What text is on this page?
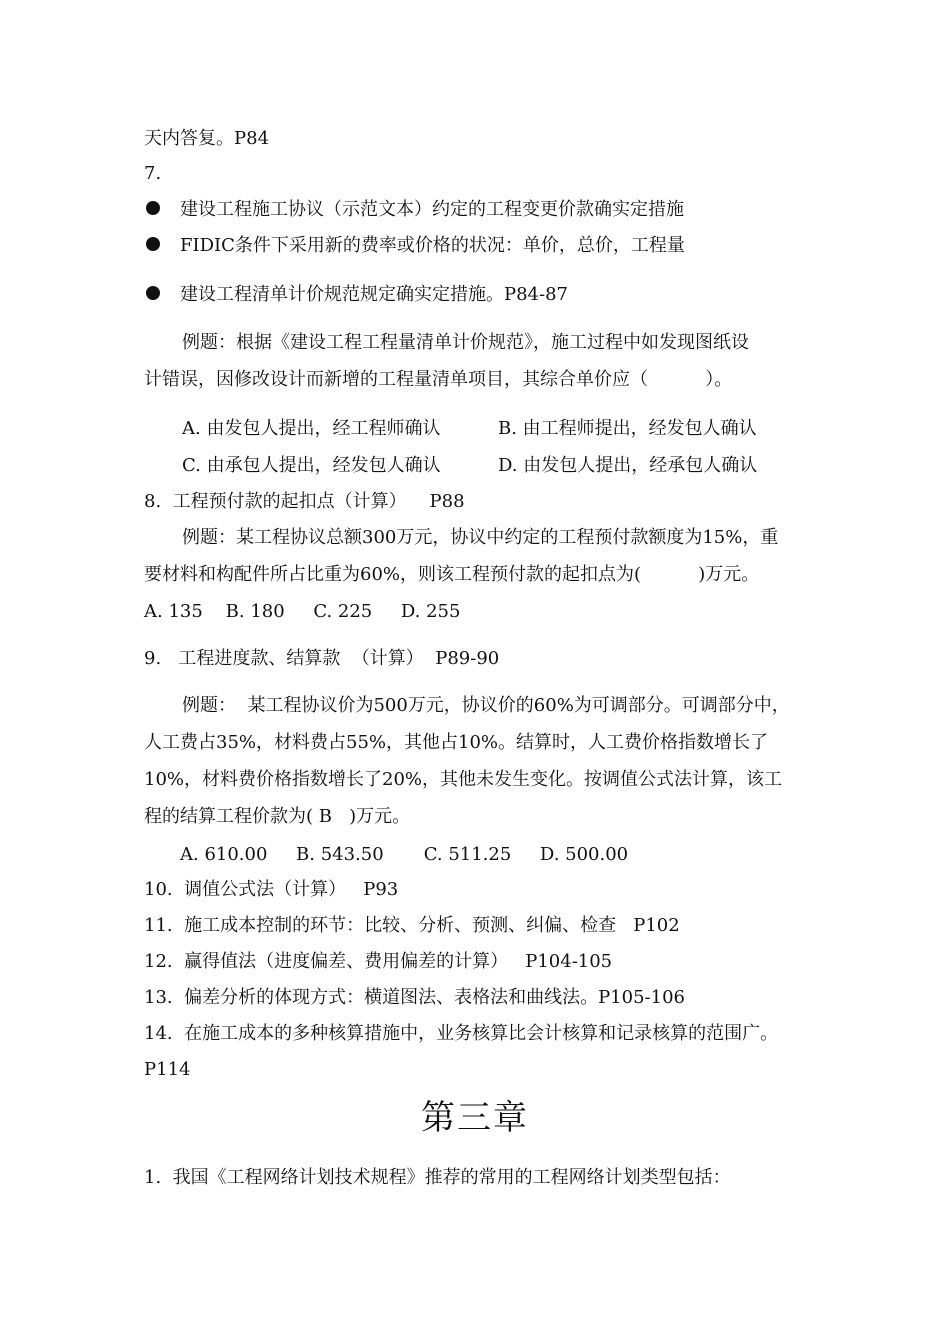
天内答复。P84
7.
建设工程施工协议（示范文本）约定的工程变更价款确实定措施
FIDIC条件下采用新的费率或价格的状况：单价，总价，工程量
建设工程清单计价规范规定确实定措施。P84-87
例题：根据《建设工程工程量清单计价规范》，施工过程中如发现图纸设
计错误，因修改设计而新增的工程量清单项目，其综合单价应（          ）。
A. 由发包人提出，经工程师确认	B. 由工程师提出，经发包人确认
C. 由承包人提出，经发包人确认	D. 由发包人提出，经承包人确认
8.  工程预付款的起扣点（计算）    P88
例题：某工程协议总额300万元，协议中约定的工程预付款额度为15%，重
要材料和构配件所占比重为60%，则该工程预付款的起扣点为(          )万元。
A. 135    B. 180     C. 225     D. 255
9.   工程进度款、结算款  （计算）  P89-90
例题：  某工程协议价为500万元，协议价的60%为可调部分。可调部分中，
人工费占35%，材料费占55%，其他占10%。结算时，人工费价格指数增长了
10%，材料费价格指数增长了20%，其他未发生变化。按调值公式法计算，该工
程的结算工程价款为( B   )万元。
A. 610.00     B. 543.50       C. 511.25     D. 500.00
10.  调值公式法（计算）   P93
11.  施工成本控制的环节：比较、分析、预测、纠偏、检查   P102
12.  赢得值法（进度偏差、费用偏差的计算）   P104-105
13.  偏差分析的体现方式：横道图法、表格法和曲线法。P105-106
14.  在施工成本的多种核算措施中，业务核算比会计核算和记录核算的范围广。
P114
第三章
1.  我国《工程网络计划技术规程》推荐的常用的工程网络计划类型包括：
